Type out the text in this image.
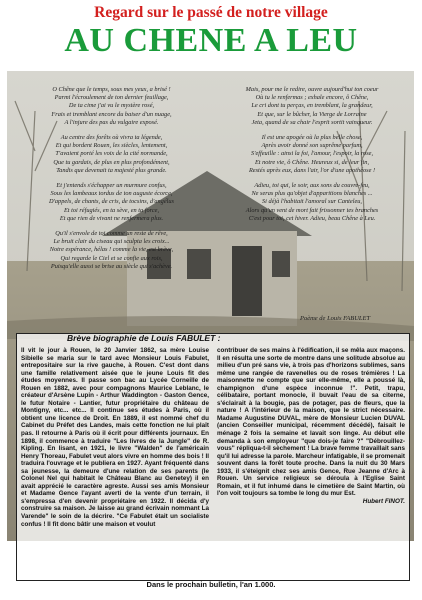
Regard sur le passé de notre village
AU CHENE A LEU
O Chêne que le temps, sous mes yeux, a brisé !
Parmi l'écroulement de ton dernier feuillage,
De ta cime j'ai vu le mystère rosé,
Frais et tremblant encore du baiser d'un nuage,
A l'injure des pas du vulgaire exposé.
Au centre des forêts où vivra ta légende,
Et qui bordent Rouen, les siècles, lentement,
T'avaient porté les voix de la cité normande,
Que tu gardais, de plus en plus profondément,
Tandis que devenait ta majesté plus grande.
Et j'entends s'échapper un murmure confus,
Sous les lambeaux tordus de ton auguste écorce,
D'appels, de chants, de cris, de tocsins, d'angélus
Et toi réfugiés, en ta sève, en ta force,
Et que rien de vivant ne renfermera plus.
Qu'il s'envole de toi comme un reste de rêve,
Le bruit clair du ciseau qui sculpta les croix...
Notre espérance, hélas ! comme la vie, est brève,
Qui regarde le Ciel et se confie aux rois,
Puisqu'elle aussi se brise au siècle qui s'achève.
Mais, pour me le redire, ouvre aujourd'hui ton coeur
Où tu le renfermas ; exhale encore, ô Chêne,
Le cri dont tu perças, en tremblant, la grandeur,
Et que, sur le bûcher, la Vierge de Lorraine
Jeta, quand de sa chair l'esprit sortit vainqueur.
Il est une apogée où la plus belle chose,
Après avoir donné son suprême parfum,
S'effeuille : ainsi la foi, l'amour, l'espoir, la rose,
Et notre vie, ô Chêne. Heureux si, de leur fin,
Restés après eux, dans l'air, l'or d'une apothéose !
Adieu, toi qui, le soir, aux sons du couvre-feu,
Ne seras plus qu'objet d'apparitions blanches ...
Si déjà l'habitait l'amoral sur Canteleu,
Alors qu'un vent de mort fait frissonner tes branches
C'est pour toi, cet hiver. Adieu, beau Chêne à Leu.
Poème de Louis FABULET
Brève biographie de Louis FABULET :
Il vit le jour à Rouen, le 20 Janvier 1862, sa mère Louise Sibielle se maria sur le tard avec Monsieur Louis Fabulet, entrepositaire sur la rive gauche, à Rouen. C'est dont dans une famille relativement aisée que le jeune Louis fit des études moyennes. Il passe son bac au Lycée Corneille de Rouen en 1882, avec pour compagnons Maurice Leblanc, le créateur d'Arsène Lupin - Arthur Waddington - Gaston Gence, le futur Notaire - Lantier, futur propriétaire du château de Montigny, etc... etc... Il continue ses études à Paris, où il obtient une licence de Droit. En 1889, il est nommé chef du Cabinet du Préfet des Landes, mais cette fonction ne lui plaît pas. Il retourne à Paris où il écrit pour différents journaux. En 1898, il commence à traduire "Les livres de la Jungle" de R. Kipling. En lisant, en 1921, le livre "Walden" de l'américain Henry Thoreau, Fabulet veut alors vivre en homme des bois ! Il traduira l'ouvrage et le publiera en 1927. Ayant fréquenté dans sa jeunesse, la demeure d'une relation de ses parents (le Colonel Nel qui habitait le Château Blanc au Genetey) il en avait apprécié le caractère agreste. Aussi ses amis Monsieur et Madame Gence l'ayant averti de la vente d'un terrain, il s'empressa d'en devenir propriétaire en 1922. Il décida d'y construire sa maison. Je laisse au grand écrivain nommant La Varende" le soin de la décrire. "Ce Fabulet était un socialiste confus ! Il fit donc bâtir une maison et voulut
contribuer de ses mains à l'édification, il se mêla aux maçons. Il en résulta une sorte de montre dans une solitude absolue au milieu d'un pré sans vie, à trois pas d'horizons sublimes, sans même une rangée de ravenelles ou de roses trémières ! La maisonnette ne compte que sur elle-même, elle a poussé là, champignon d'une espèce inconnue !". Petit, trapu, célibataire, portant monocle, il buvait l'eau de sa citerne, s'éclairait à la bougie, pas de potager, pas de fleurs, que la nature ! A l'intérieur de la maison, que le strict nécessaire. Madame Augustine DUVAL, mère de Monsieur Lucien DUVAL (ancien Conseiller municipal, récemment décédé), faisait le ménage 2 fois la semaine et lavait son linge. Au début elle demanda à son employeur "que dois-je faire ?" "Débrouillez-vous" répliqua-t-il sèchement ! La brave femme travaillait sans qu'il lui adresse la parole. Marcheur infatigable, il se promenait souvent dans la forêt toute proche. Dans la nuit du 30 Mars 1933, il s'éteignit chez ses amis Gence, Rue Jeanne d'Arc à Rouen. Un service religieux se déroula à l'Eglise Saint Romain, et il fut inhumé dans le cimetière de Saint Martin, où l'on voit toujours sa tombe le long du mur Est.
Hubert FINOT.
Dans le prochain bulletin, l'an 1.000.
